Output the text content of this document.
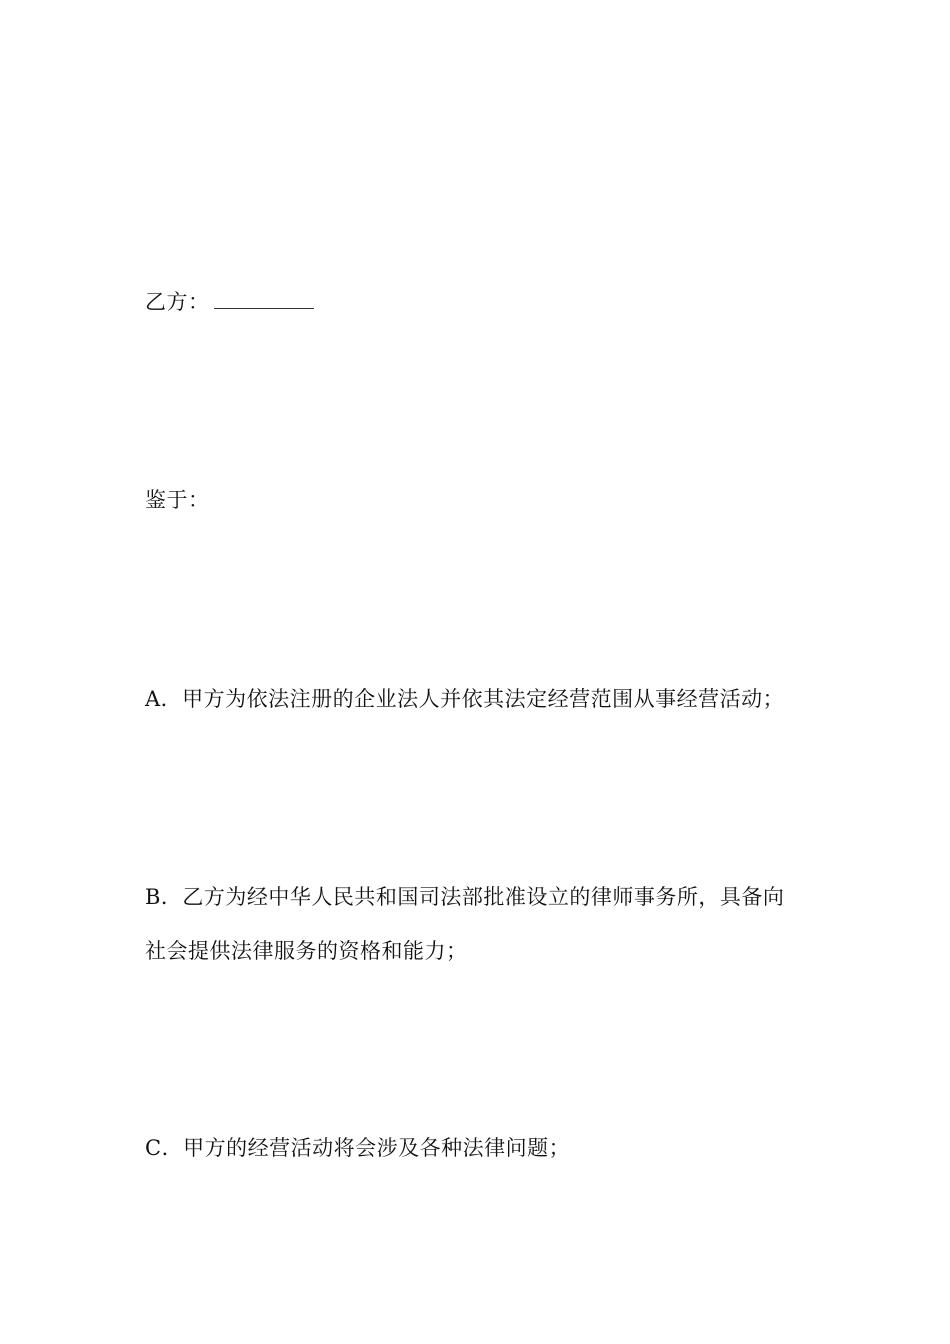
乙方：
鉴于：
A．甲方为依法注册的企业法人并依其法定经营范围从事经营活动；
B．乙方为经中华人民共和国司法部批准设立的律师事务所，具备向
社会提供法律服务的资格和能力；
C．甲方的经营活动将会涉及各种法律问题；
